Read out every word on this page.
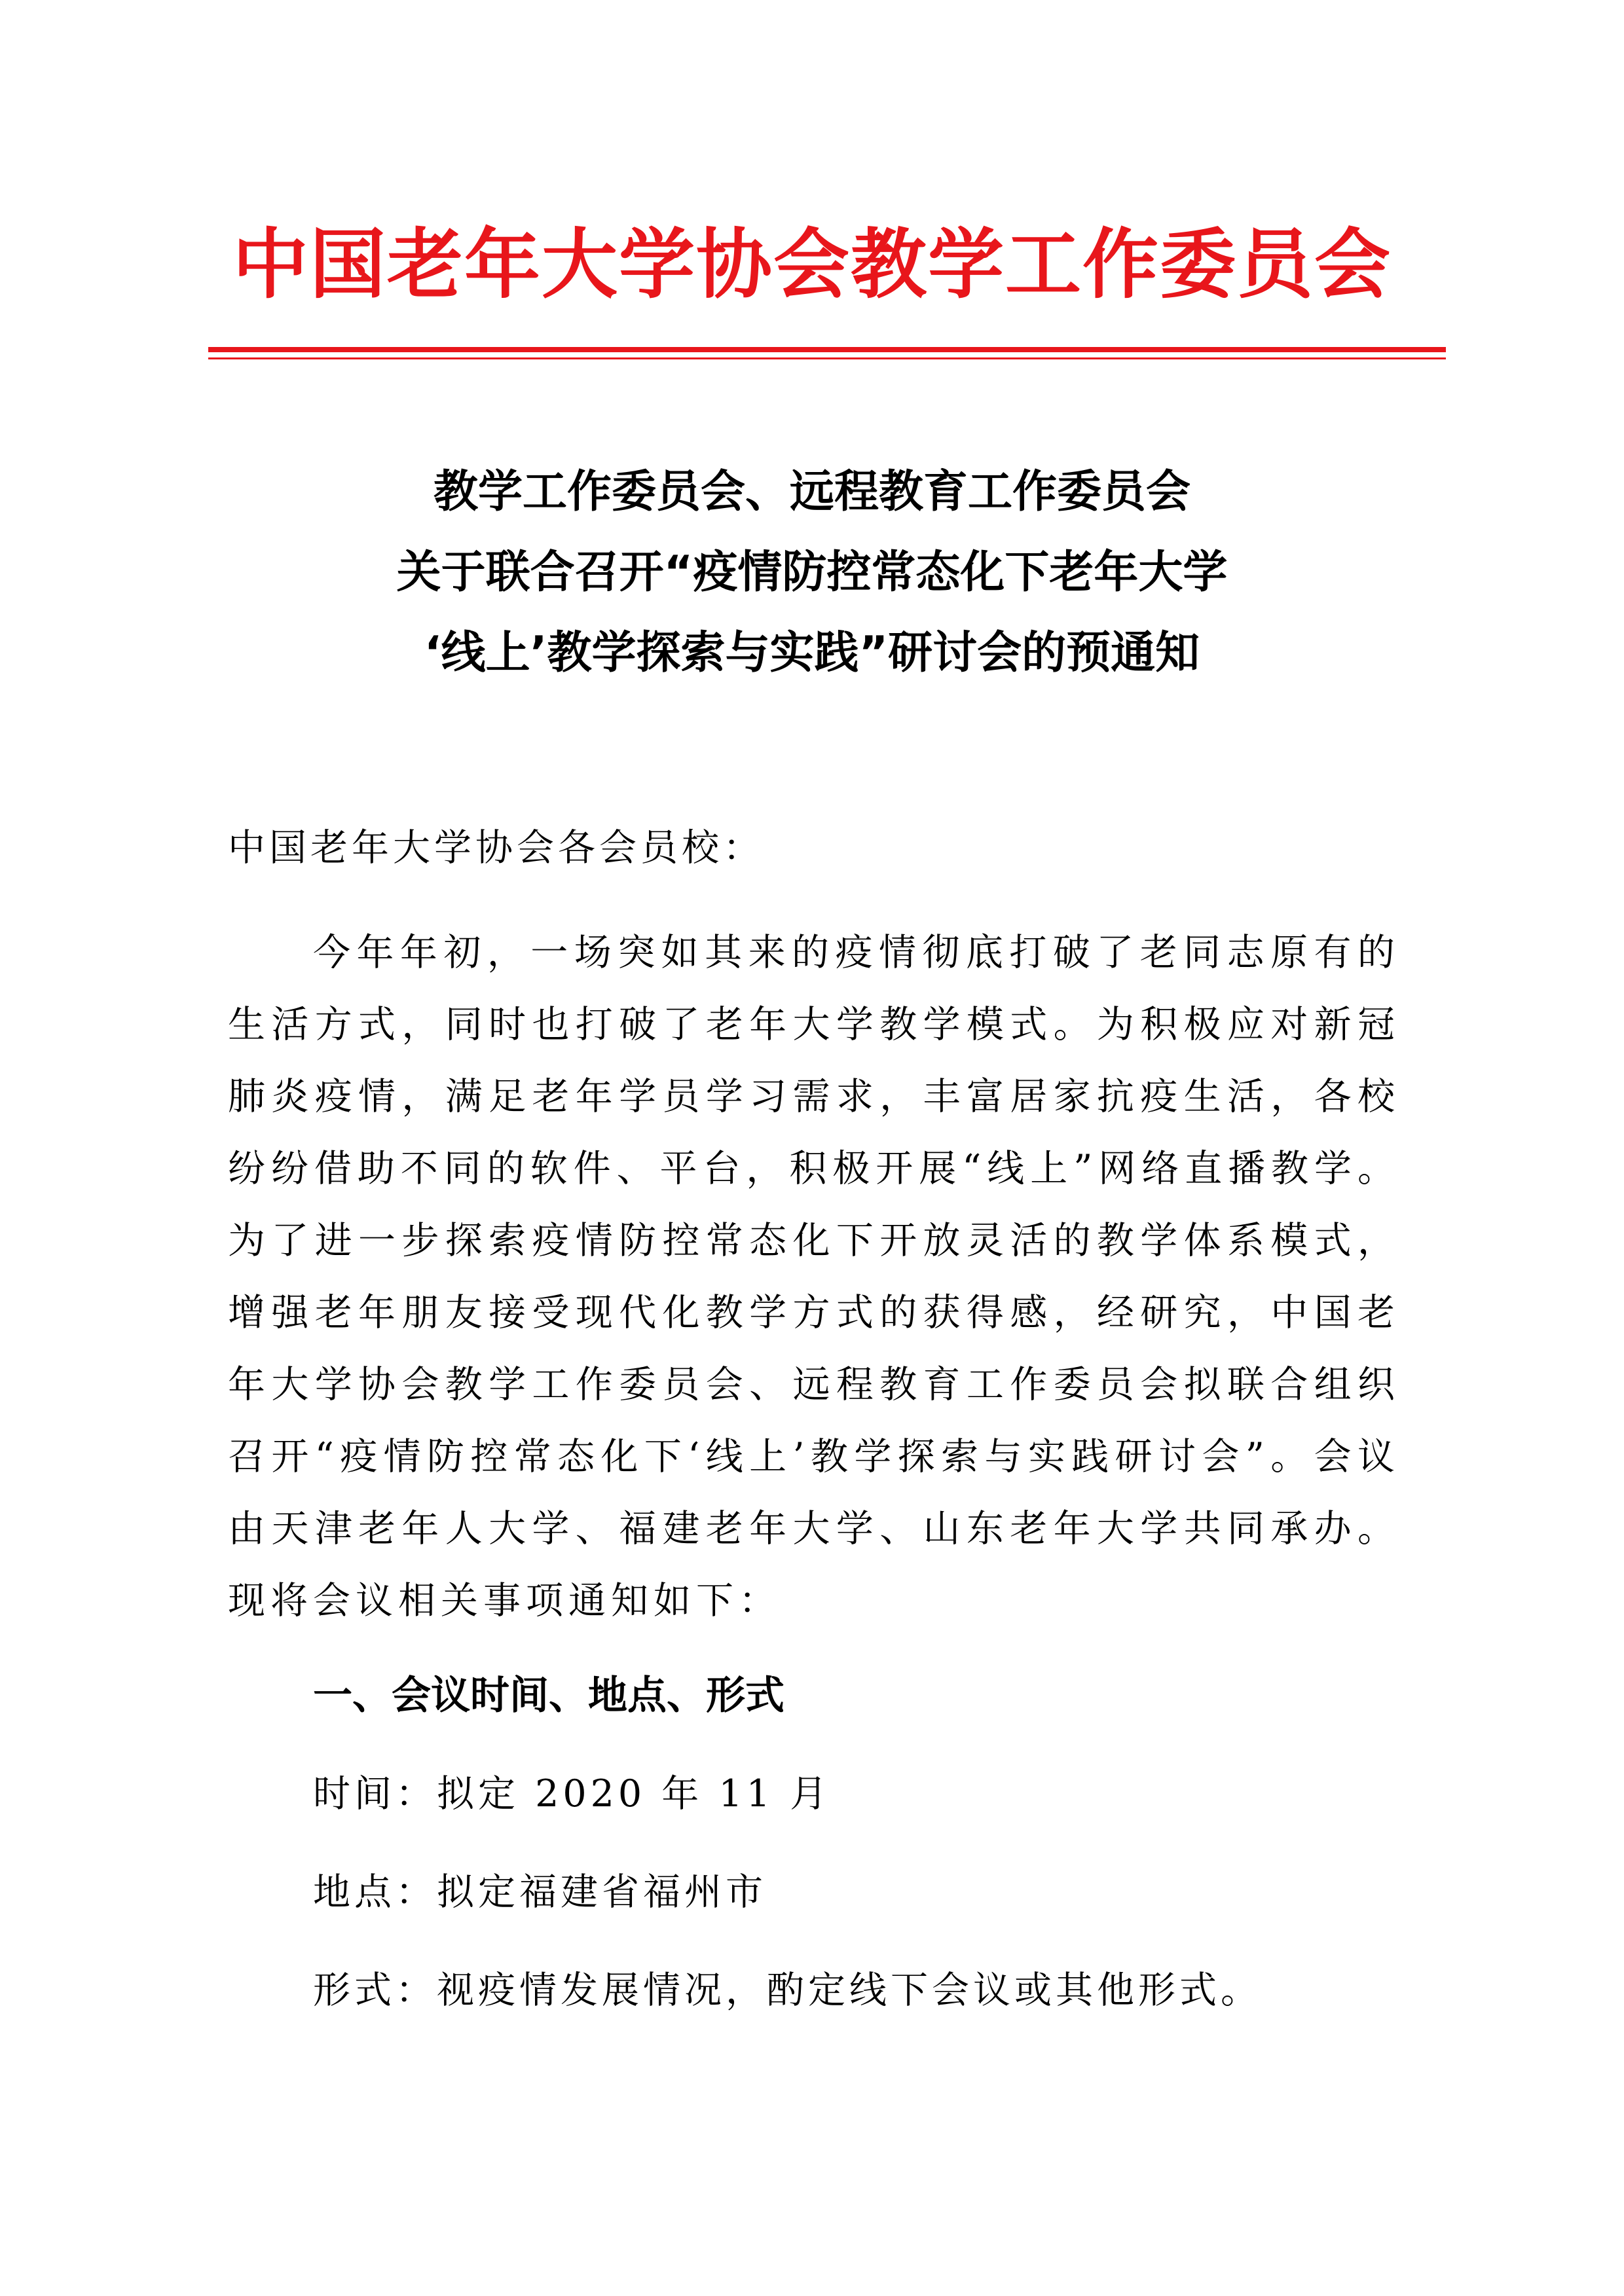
中国老年大学协会教学工作委员会
教学工作委员会、远程教育工作委员会
关于联合召开“疫情防控常态化下老年大学
‘线上’教学探索与实践”研讨会的预通知
中国老年大学协会各会员校：
今年年初，一场突如其来的疫情彻底打破了老同志原有的生活方式，同时也打破了老年大学教学模式。为积极应对新冠肺炎疫情，满足老年学员学习需求，丰富居家抗疫生活，各校纷纷借助不同的软件、平台，积极开展“线上”网络直播教学。为了进一步探索疫情防控常态化下开放灵活的教学体系模式，增强老年朋友接受现代化教学方式的获得感，经研究，中国老年大学协会教学工作委员会、远程教育工作委员会拟联合组织召开“疫情防控常态化下‘线上’教学探索与实践研讨会”。会议由天津老年人大学、福建老年大学、山东老年大学共同承办。现将会议相关事项通知如下：
一、会议时间、地点、形式
时间：拟定 2020 年 11 月
地点：拟定福建省福州市
形式：视疫情发展情况，酌定线下会议或其他形式。
